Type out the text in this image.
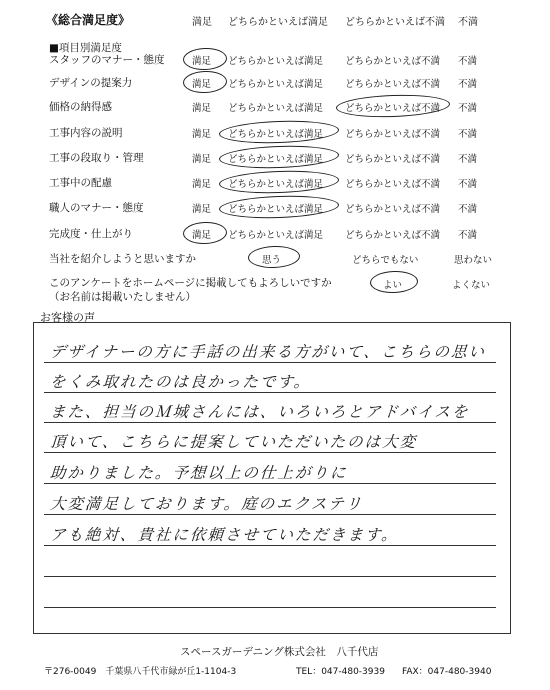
《総合満足度》	満足 どちらかといえば満足 どちらかといえば不満 不満
■項目別満足度
スタッフのマナー・態度	満足 どちらかといえば満足 どちらかといえば不満 不満
デザインの提案力	満足 どちらかといえば満足 どちらかといえば不満 不満
価格の納得感	満足 どちらかといえば満足 どちらかといえば不満 不満
工事内容の説明	満足 どちらかといえば満足 どちらかといえば不満 不満
工事の段取り・管理	満足 どちらかといえば満足 どちらかといえば不満 不満
工事中の配慮	満足 どちらかといえば満足 どちらかといえば不満 不満
職人のマナー・態度	満足 どちらかといえば満足 どちらかといえば不満 不満
完成度・仕上がり	満足 どちらかといえば満足 どちらかといえば不満 不満
当社を紹介しようと思いますか	思う	どちらでもない	思わない
このアンケートをホームページに掲載してもよろしいですか
（お名前は掲載いたしません）
よい	よくない
お客様の声
デザイナーの方に手話の出来る方がいて、こちらの思い
をくみ取れたのは良かったです。
また、担当のＭ城さんには、いろいろとアドバイスを
頂いて、こちらに提案していただいたのは大変
助かりました。予想以上の仕上がりに
大変満足しております。庭のエクステリ
アも絶対、貴社に依頼させていただきます。
スペースガーデニング株式会社　八千代店
〒276-0049　千葉県八千代市緑が丘1-1104-3	TEL：047-480-3939 FAX：047-480-3940
